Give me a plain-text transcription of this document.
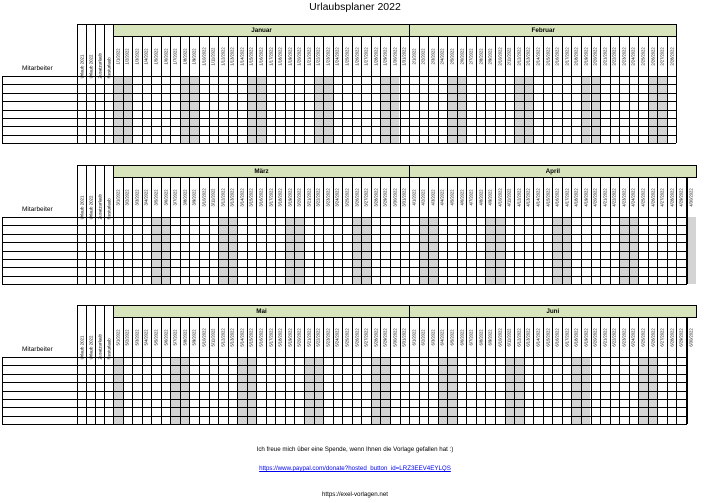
Urlaubsplaner 2022
Urlaub 2021 Urlaub 2022 Zusatzurlaub Resturlaub
Mitarbeiter
1/1/2022 1/2/2022 1/3/2022 1/4/2022 1/5/2022 1/6/2022 1/7/2022 1/8/2022 1/9/2022 1/10/2022 1/11/2022 1/12/2022 1/13/2022 1/14/2022 1/15/2022 1/16/2022 1/17/2022 1/18/2022 1/19/2022 1/20/2022 1/21/2022 1/22/2022 1/23/2022 1/24/2022 1/25/2022 1/26/2022 1/27/2022 1/28/2022 1/29/2022 1/30/2022 1/31/2022
Januar
2/1/2022 2/2/2022 2/3/2022 2/4/2022 2/5/2022 2/6/2022 2/7/2022 2/8/2022 2/9/2022 2/10/2022 2/11/2022 2/12/2022 2/13/2022 2/14/2022 2/15/2022 2/16/2022 2/17/2022 2/18/2022 2/19/2022 2/20/2022 2/21/2022 2/22/2022 2/23/2022 2/24/2022 2/25/2022 2/26/2022 2/27/2022 2/28/2022
Februar
Urlaub 2021 Urlaub 2022 Zusatzurlaub Resturlaub
Mitarbeiter
3/1/2022 3/2/2022 3/3/2022 3/4/2022 3/5/2022 3/6/2022 3/7/2022 3/8/2022 3/9/2022 3/10/2022 3/11/2022 3/12/2022 3/13/2022 3/14/2022 3/15/2022 3/16/2022 3/17/2022 3/18/2022 3/19/2022 3/20/2022 3/21/2022 3/22/2022 3/23/2022 3/24/2022 3/25/2022 3/26/2022 3/27/2022 3/28/2022 3/29/2022 3/30/2022 3/31/2022
März
4/1/2022 4/2/2022 4/3/2022 4/4/2022 4/5/2022 4/6/2022 4/7/2022 4/8/2022 4/9/2022 4/10/2022 4/11/2022 4/12/2022 4/13/2022 4/14/2022 4/15/2022 4/16/2022 4/17/2022 4/18/2022 4/19/2022 4/20/2022 4/21/2022 4/22/2022 4/23/2022 4/24/2022 4/25/2022 4/26/2022 4/27/2022 4/28/2022 4/29/2022 4/30/2022
April
Urlaub 2021 Urlaub 2022 Zusatzurlaub Resturlaub
Mitarbeiter
5/1/2022 5/2/2022 5/3/2022 5/4/2022 5/5/2022 5/6/2022 5/7/2022 5/8/2022 5/9/2022 5/10/2022 5/11/2022 5/12/2022 5/13/2022 5/14/2022 5/15/2022 5/16/2022 5/17/2022 5/18/2022 5/19/2022 5/20/2022 5/21/2022 5/22/2022 5/23/2022 5/24/2022 5/25/2022 5/26/2022 5/27/2022 5/28/2022 5/29/2022 5/30/2022 5/31/2022
Mai
6/1/2022 6/2/2022 6/3/2022 6/4/2022 6/5/2022 6/6/2022 6/7/2022 6/8/2022 6/9/2022 6/10/2022 6/11/2022 6/12/2022 6/13/2022 6/14/2022 6/15/2022 6/16/2022 6/17/2022 6/18/2022 6/19/2022 6/20/2022 6/21/2022 6/22/2022 6/23/2022 6/24/2022 6/25/2022 6/26/2022 6/27/2022 6/28/2022 6/29/2022 6/30/2022
Juni
Ich freue mich über eine Spende, wenn Ihnen die Vorlage gefallen hat :)
https://www.paypal.com/donate?hosted_button_id=LRZ3EEV4EYLQS
https://exel-vorlagen.net
